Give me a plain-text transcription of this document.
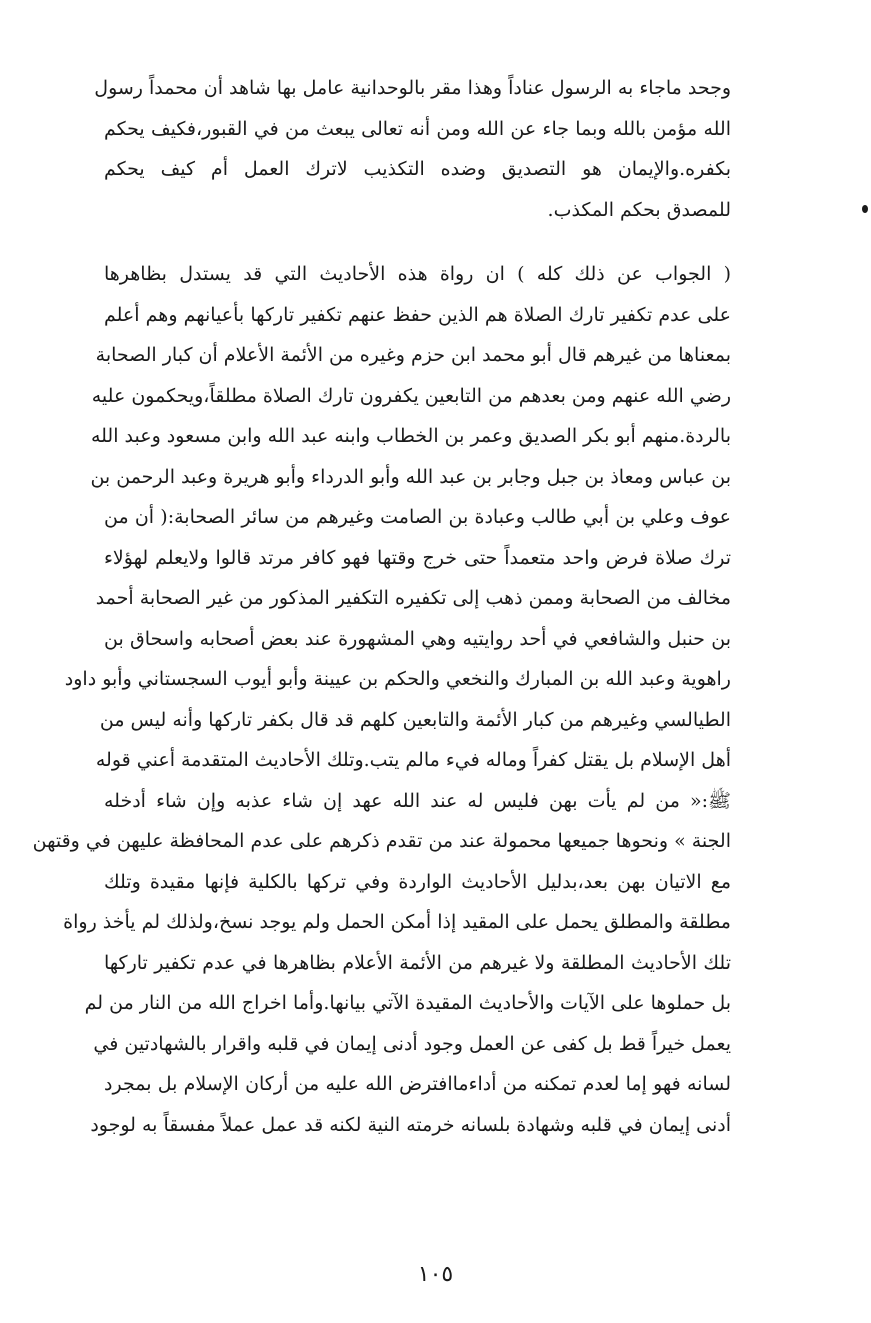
وجحد ماجاء به الرسول عناداً وهذا مقر بالوحدانية عامل بها شاهد أن محمداً رسول
الله مؤمن بالله وبما جاء عن الله ومن أنه تعالى يبعث من في القبور،فكيف يحكم
بكفره.والإيمان هو التصديق وضده التكذيب لاترك العمل أم كيف يحكم
للمصدق بحكم المكذب.

( الجواب عن ذلك كله ) ان رواة هذه الأحاديث التي قد يستدل بظاهرها
على عدم تكفير تارك الصلاة هم الذين حفظ عنهم تكفير تاركها بأعيانهم وهم أعلم
بمعناها من غيرهم قال أبو محمد ابن حزم وغيره من الأئمة الأعلام أن كبار الصحابة
رضي الله عنهم ومن بعدهم من التابعين يكفرون تارك الصلاة مطلقاً،ويحكمون عليه
بالردة.منهم أبو بكر الصديق وعمر بن الخطاب وابنه عبد الله وابن مسعود وعبد الله
بن عباس ومعاذ بن جبل وجابر بن عبد الله وأبو الدرداء وأبو هريرة وعبد الرحمن بن
عوف وعلي بن أبي طالب وعبادة بن الصامت وغيرهم من سائر الصحابة:( أن من
ترك صلاة فرض واحد متعمداً حتى خرج وقتها فهو كافر مرتد قالوا ولايعلم لهؤلاء
مخالف من الصحابة وممن ذهب إلى تكفيره التكفير المذكور من غير الصحابة أحمد
بن حنبل والشافعي في أحد روايتيه وهي المشهورة عند بعض أصحابه واسحاق بن
راهوية وعبد الله بن المبارك والنخعي والحكم بن عيينة وأبو أيوب السجستاني وأبو داود
الطيالسي وغيرهم من كبار الأئمة والتابعين كلهم قد قال بكفر تاركها وأنه ليس من
أهل الإسلام بل يقتل كفراً وماله فيء مالم يتب.وتلك الأحاديث المتقدمة أعني قوله
ﷺ:« من لم يأت بهن فليس له عند الله عهد إن شاء عذبه وإن شاء أدخله
الجنة » ونحوها جميعها محمولة عند من تقدم ذكرهم على عدم المحافظة عليهن في وقتهن
مع الاتيان بهن بعد،بدليل الأحاديث الواردة وفي تركها بالكلية فإنها مقيدة وتلك
مطلقة والمطلق يحمل على المقيد إذا أمكن الحمل ولم يوجد نسخ،ولذلك لم يأخذ رواة
تلك الأحاديث المطلقة ولا غيرهم من الأئمة الأعلام بظاهرها في عدم تكفير تاركها
بل حملوها على الآيات والأحاديث المقيدة الآتي بيانها.وأما اخراج الله من النار من لم
يعمل خيراً قط بل كفى عن العمل وجود أدنى إيمان في قلبه واقرار بالشهادتين في
لسانه فهو إما لعدم تمكنه من أداءماافترض الله عليه من أركان الإسلام بل بمجرد
أدنى إيمان في قلبه وشهادة بلسانه خرمته النية لكنه قد عمل عملاً مفسقاً به لوجود

١٠٥
